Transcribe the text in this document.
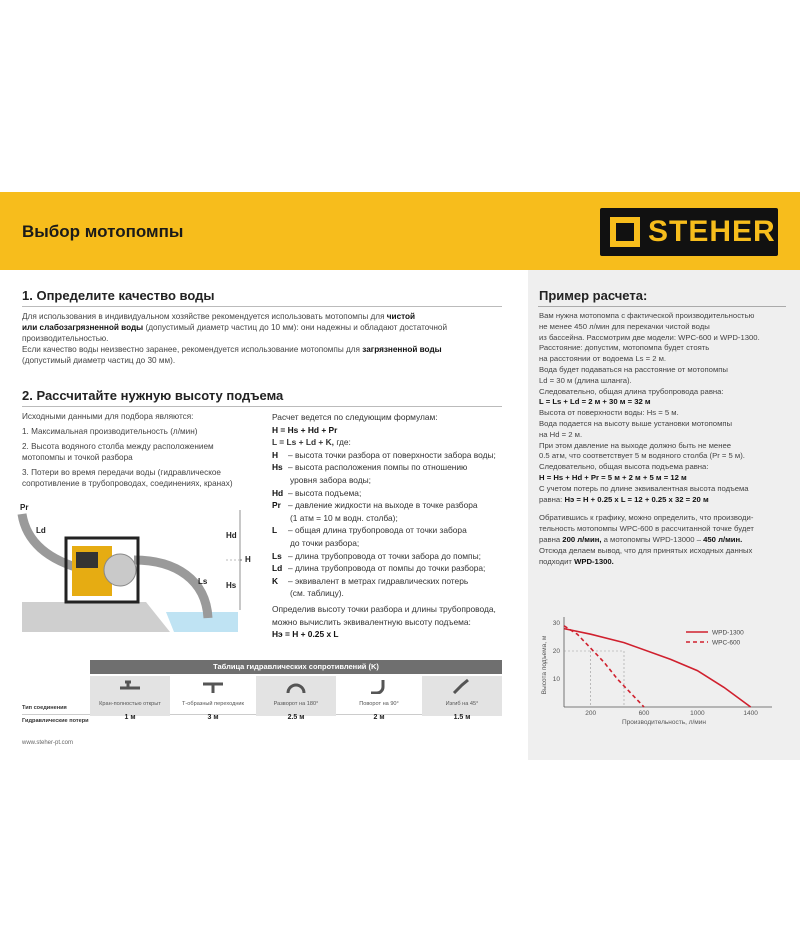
Выбор мотопомпы	STEHER
1. Определите качество воды
Для использования в индивидуальном хозяйстве рекомендуется использовать мотопомпы для чистой
или слабозагрязненной воды (допустимый диаметр частиц до 10 мм): они надежны и обладают достаточной
производительностью.
Если качество воды неизвестно заранее, рекомендуется использование мотопомпы для загрязненной воды
(допустимый диаметр частиц до 30 мм).
2. Рассчитайте нужную высоту подъема
Исходными данными для подбора являются:
1. Максимальная производительность (л/мин)
2. Высота водяного столба между расположением
мотопомпы и точкой разбора
3. Потери во время передачи воды (гидравлическое
сопротивление в трубопроводах, соединениях, кранах)
Pr
Ld
Hd
H
Hs
Ls
Расчет ведется по следующим формулам:
H = Hs + Hd + Pr
L = Ls + Ld + K, где:
H – высота точки разбора от поверхности забора воды;
Hs – высота расположения помпы по отношению
уровня забора воды;
Hd – высота подъема;
Pr – давление жидкости на выходе в точке разбора
(1 атм = 10 м водн. столба);
L – общая длина трубопровода от точки забора
до точки разбора;
Ls – длина трубопровода от точки забора до помпы;
Ld – длина трубопровода от помпы до точки разбора;
K – эквивалент в метрах гидравлических потерь
(см. таблицу).
Определив высоту точки разбора и длины трубопровода,
можно вычислить эквивалентную высоту подъема:
Нэ = H + 0.25 x L
Таблица гидравлических сопротивлений (K)
Тип соединения
Гидравлические потери
Кран-полностью открыт
1 м
Т-образный переходник
3 м
Разворот на 180°
2.5 м
Поворот на 90°
2 м
Изгиб на 45°
1.5 м
www.steher-pt.com
Пример расчета:
Вам нужна мотопомпа с фактической производительностью
не менее 450 л/мин для перекачки чистой воды
из бассейна. Рассмотрим две модели: WPC-600 и WPD-1300.
Расстояние: допустим, мотопомпа будет стоять
на расстоянии от водоема Ls = 2 м.
Вода будет подаваться на расстояние от мотопомпы
Ld = 30 м (длина шланга).
Следовательно, общая длина трубопровода равна:
L = Ls + Ld = 2 м + 30 м = 32 м
Высота от поверхности воды: Hs = 5 м.
Вода подается на высоту выше установки мотопомпы
на Hd = 2 м.
При этом давление на выходе должно быть не менее
0.5 атм, что соответствует 5 м водяного столба (Pr = 5 м).
Следовательно, общая высота подъема равна:
H = Hs + Hd + Pr = 5 м + 2 м + 5 м = 12 м
С учетом потерь по длине эквивалентная высота подъема
равна: Нэ = H + 0.25 x L = 12 + 0.25 x 32 = 20 м
Обратившись к графику, можно определить, что производи-
тельность мотопомпы WPC-600 в рассчитанной точке будет
равна 200 л/мин, а мотопомпы WPD-13000 – 450 л/мин.
Отсюда делаем вывод, что для принятых исходных данных
подходит WPD-1300.
10
20
30
200	600	1000	1400
Производительность, л/мин
Высота подъема, м
WPD-1300
WPC-600
